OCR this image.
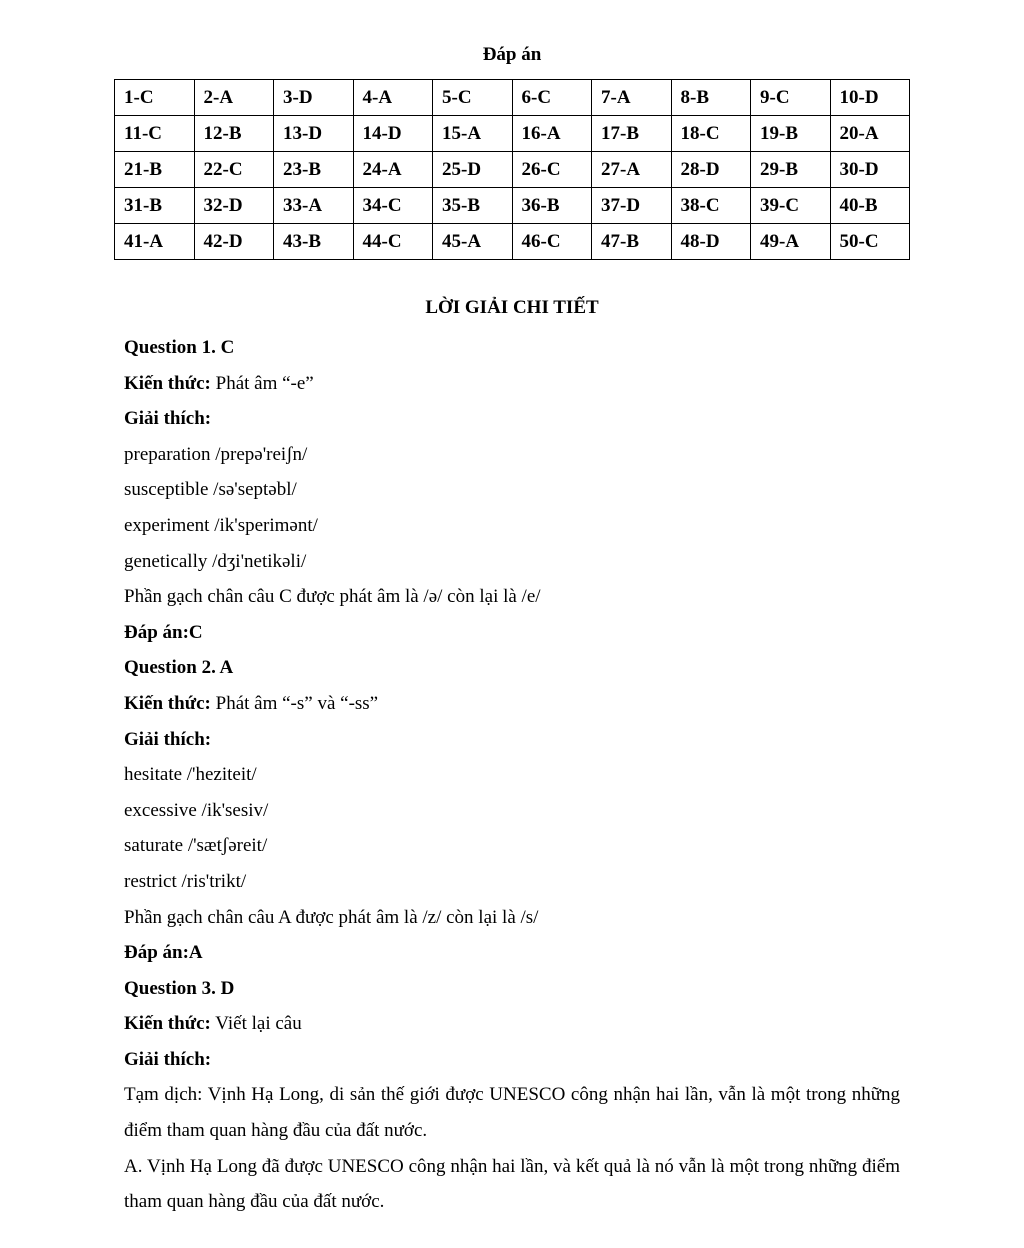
Đáp án
1-C	2-A	3-D	4-A	5-C	6-C	7-A	8-B	9-C	10-D
11-C	12-B	13-D	14-D	15-A	16-A	17-B	18-C	19-B	20-A
21-B	22-C	23-B	24-A	25-D	26-C	27-A	28-D	29-B	30-D
31-B	32-D	33-A	34-C	35-B	36-B	37-D	38-C	39-C	40-B
41-A	42-D	43-B	44-C	45-A	46-C	47-B	48-D	49-A	50-C
LỜI GIẢI CHI TIẾT
Question 1. C
Kiến thức: Phát âm “-e”
Giải thích:
preparation /prepə'reiʃn/
susceptible /sə'septəbl/
experiment /ik'sperimənt/
genetically /dʒi'netikəli/
Phần gạch chân câu C được phát âm là /ə/ còn lại là /e/
Đáp án:C
Question 2. A
Kiến thức: Phát âm “-s” và “-ss”
Giải thích:
hesitate /'heziteit/
excessive /ik'sesiv/
saturate /'sætʃəreit/
restrict /ris'trikt/
Phần gạch chân câu A được phát âm là /z/ còn lại là /s/
Đáp án:A
Question 3. D
Kiến thức: Viết lại câu
Giải thích:
Tạm dịch: Vịnh Hạ Long, di sản thế giới được UNESCO công nhận hai lần, vẫn là một trong những điểm tham quan hàng đầu của đất nước.
A. Vịnh Hạ Long đã được UNESCO công nhận hai lần, và kết quả là nó vẫn là một trong những điểm tham quan hàng đầu của đất nước.
